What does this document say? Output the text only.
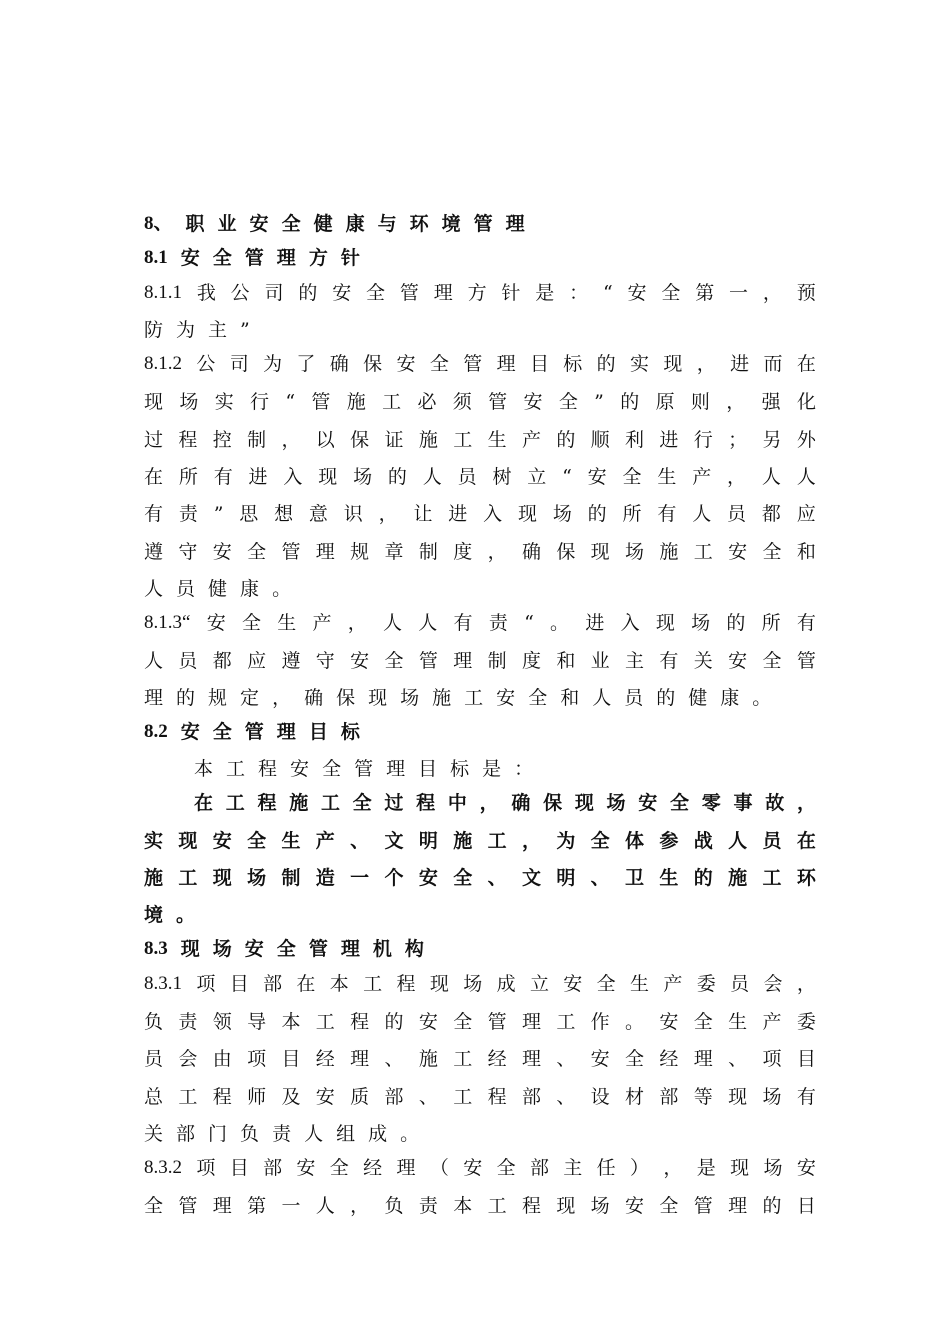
8、 职 业 安 全 健 康 与 环 境 管 理
8.1 安 全 管 理 方 针
8.1.1 我 公 司 的 安 全 管 理 方 针 是 ： “ 安 全 第 一 ， 预
防 为 主 ”
8.1.2 公 司 为 了 确 保 安 全 管 理 目 标 的 实 现 ， 进 而 在
现 场 实 行 “ 管 施 工 必 须 管 安 全 ” 的 原 则 ， 强 化
过 程 控 制 ， 以 保 证 施 工 生 产 的 顺 利 进 行 ； 另 外
在 所 有 进 入 现 场 的 人 员 树 立 “ 安 全 生 产 ， 人 人
有 责 ” 思 想 意 识 ， 让 进 入 现 场 的 所 有 人 员 都 应
遵 守 安 全 管 理 规 章 制 度 ， 确 保 现 场 施 工 安 全 和
人 员 健 康 。
8.1.3“ 安 全 生 产 ， 人 人 有 责 “ 。 进 入 现 场 的 所 有
人 员 都 应 遵 守 安 全 管 理 制 度 和 业 主 有 关 安 全 管
理 的 规 定 ， 确 保 现 场 施 工 安 全 和 人 员 的 健 康 。
8.2 安 全 管 理 目 标
本 工 程 安 全 管 理 目 标 是 ：
在 工 程 施 工 全 过 程 中 ， 确 保 现 场 安 全 零 事 故 ，
实 现 安 全 生 产 、 文 明 施 工 ， 为 全 体 参 战 人 员 在
施 工 现 场 制 造 一 个 安 全 、 文 明 、 卫 生 的 施 工 环
境 。
8.3 现 场 安 全 管 理 机 构
8.3.1 项 目 部 在 本 工 程 现 场 成 立 安 全 生 产 委 员 会 ，
负 责 领 导 本 工 程 的 安 全 管 理 工 作 。 安 全 生 产 委
员 会 由 项 目 经 理 、 施 工 经 理 、 安 全 经 理 、 项 目
总 工 程 师 及 安 质 部 、 工 程 部 、 设 材 部 等 现 场 有
关 部 门 负 责 人 组 成 。
8.3.2 项 目 部 安 全 经 理 （ 安 全 部 主 任 ） ， 是 现 场 安
全 管 理 第 一 人 ， 负 责 本 工 程 现 场 安 全 管 理 的 日
